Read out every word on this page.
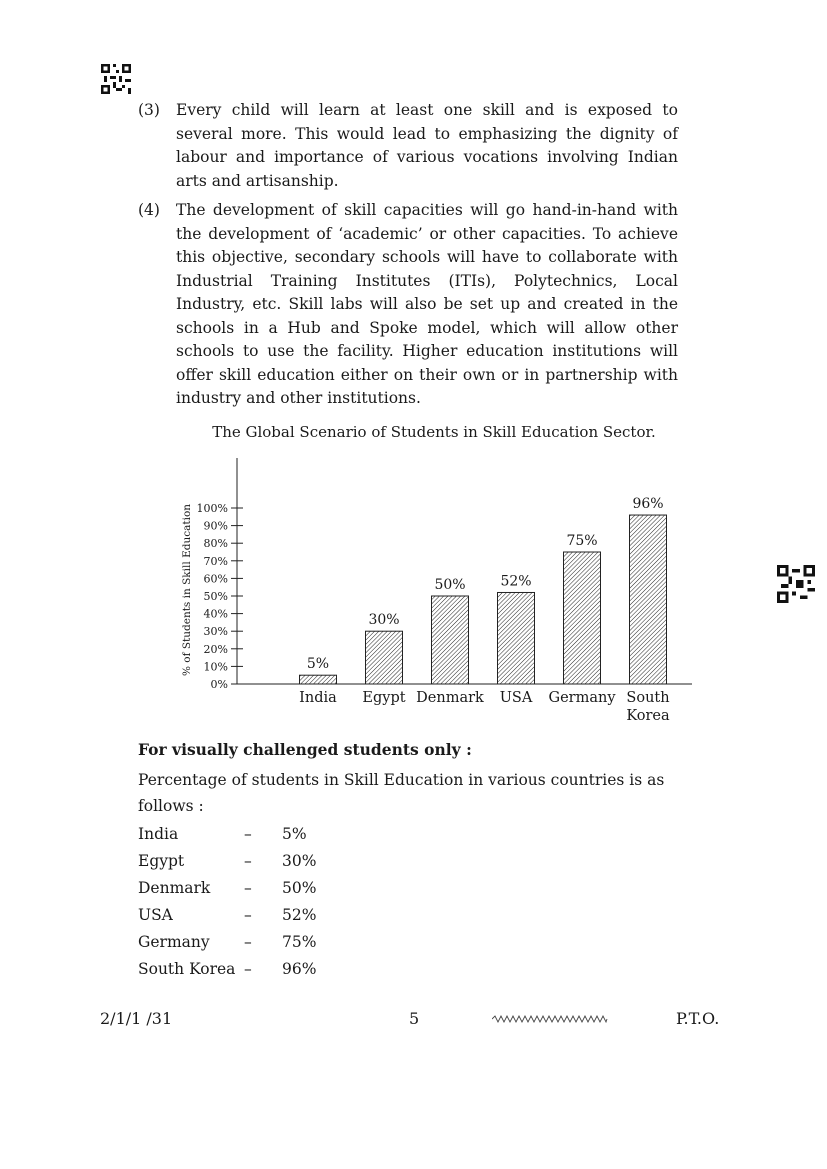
(3) Every child will learn at least one skill and is exposed to several more. This would lead to emphasizing the dignity of labour and importance of various vocations involving Indian arts and artisanship.
(4) The development of skill capacities will go hand-in-hand with the development of ‘academic’ or other capacities. To achieve this objective, secondary schools will have to collaborate with Industrial Training Institutes (ITIs), Polytechnics, Local Industry, etc. Skill labs will also be set up and created in the schools in a Hub and Spoke model, which will allow other schools to use the facility. Higher education institutions will offer skill education either on their own or in partnership with industry and other institutions.
The Global Scenario of Students in Skill Education Sector.
0%
10%
20%
30%
40%
50%
60%
70%
80%
90%
100%
% of Students in Skill Education	5%
India
30%
Egypt
50%
Denmark
52%
USA
75%
Germany
96%
South
Korea
For visually challenged students only :
Percentage of students in Skill Education in various countries is as follows :
India	– 5%
Egypt	– 30%
Denmark – 50%
USA	– 52%
Germany – 75%
South Korea – 96%
2/1/1 /31	5	P.T.O.
